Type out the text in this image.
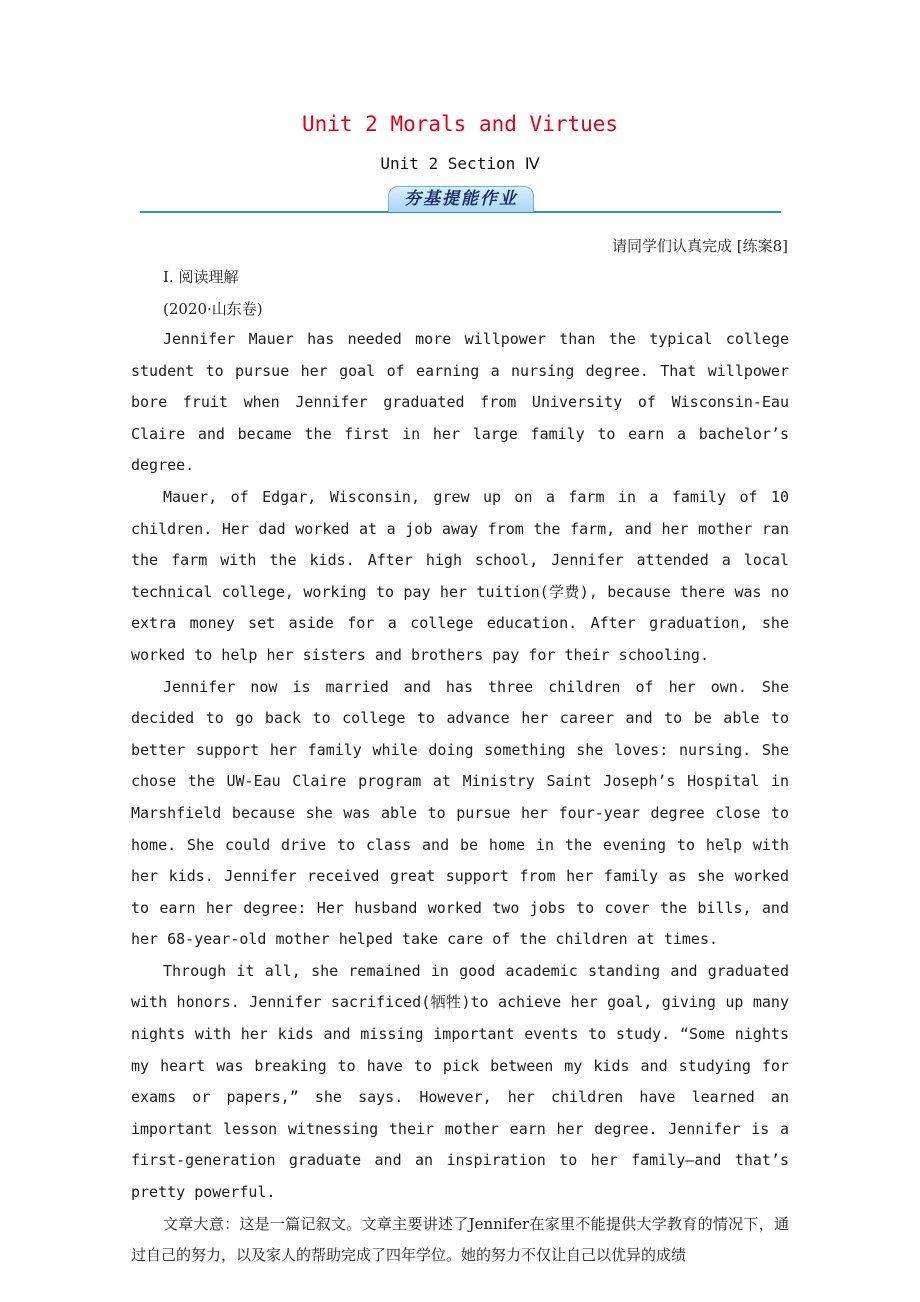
Unit 2 Morals and Virtues
Unit 2 Section Ⅳ
夯基提能作业
请同学们认真完成 [练案8]
Ⅰ. 阅读理解
(2020·山东卷)

Jennifer Mauer has needed more willpower than the typical college student to pursue her goal of earning a nursing degree. That willpower bore fruit when Jennifer graduated from University of Wisconsin-Eau Claire and became the first in her large family to earn a bachelor’s degree.

Mauer, of Edgar, Wisconsin, grew up on a farm in a family of 10 children. Her dad worked at a job away from the farm, and her mother ran the farm with the kids. After high school, Jennifer attended a local technical college, working to pay her tuition(学费), because there was no extra money set aside for a college education. After graduation, she worked to help her sisters and brothers pay for their schooling.

Jennifer now is married and has three children of her own. She decided to go back to college to advance her career and to be able to better support her family while doing something she loves: nursing. She chose the UW-Eau Claire program at Ministry Saint Joseph’s Hospital in Marshfield because she was able to pursue her four-year degree close to home. She could drive to class and be home in the evening to help with her kids. Jennifer received great support from her family as she worked to earn her degree: Her husband worked two jobs to cover the bills, and her 68-year-old mother helped take care of the children at times.

Through it all, she remained in good academic standing and graduated with honors. Jennifer sacrificed(牺牲)to achieve her goal, giving up many nights with her kids and missing important events to study. “Some nights my heart was breaking to have to pick between my kids and studying for exams or papers,” she says. However, her children have learned an important lesson witnessing their mother earn her degree. Jennifer is a first-generation graduate and an inspiration to her family—and that’s pretty powerful.

文章大意：这是一篇记叙文。文章主要讲述了Jennifer在家里不能提供大学教育的情况下，通过自己的努力，以及家人的帮助完成了四年学位。她的努力不仅让自己以优异的成绩
